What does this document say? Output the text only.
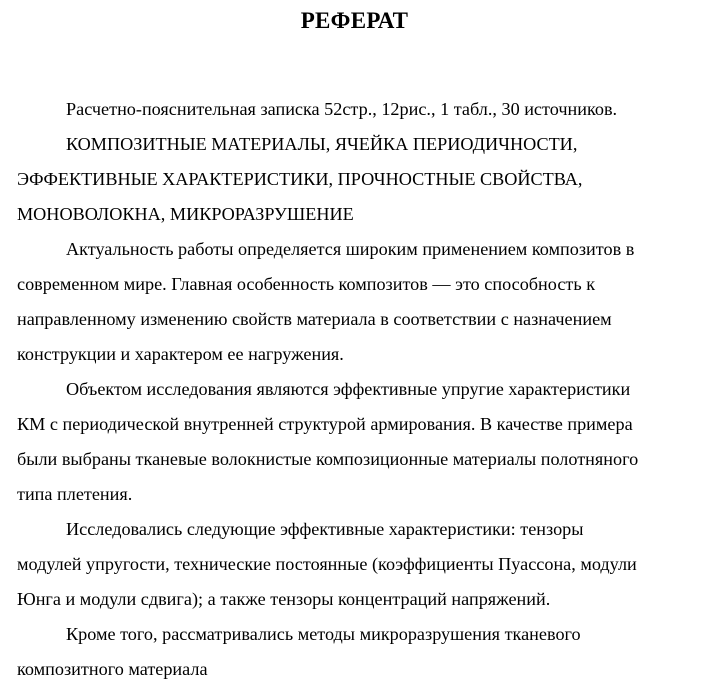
РЕФЕРАТ
Расчетно-пояснительная записка 52стр., 12рис., 1 табл., 30 источников.
КОМПОЗИТНЫЕ МАТЕРИАЛЫ, ЯЧЕЙКА ПЕРИОДИЧНОСТИ,
ЭФФЕКТИВНЫЕ ХАРАКТЕРИСТИКИ, ПРОЧНОСТНЫЕ СВОЙСТВА,
МОНОВОЛОКНА, МИКРОРАЗРУШЕНИЕ
Актуальность работы определяется широким применением композитов в
современном мире. Главная особенность композитов — это способность к
направленному изменению свойств материала в соответствии с назначением
конструкции и характером ее нагружения.
Объектом исследования являются эффективные упругие характеристики
КМ с периодической внутренней структурой армирования. В качестве примера
были выбраны тканевые волокнистые композиционные материалы полотняного
типа плетения.
Исследовались следующие эффективные характеристики: тензоры
модулей упругости, технические постоянные (коэффициенты Пуассона, модули
Юнга и модули сдвига); а также тензоры концентраций напряжений.
Кроме того, рассматривались методы микроразрушения тканевого
композитного материала
